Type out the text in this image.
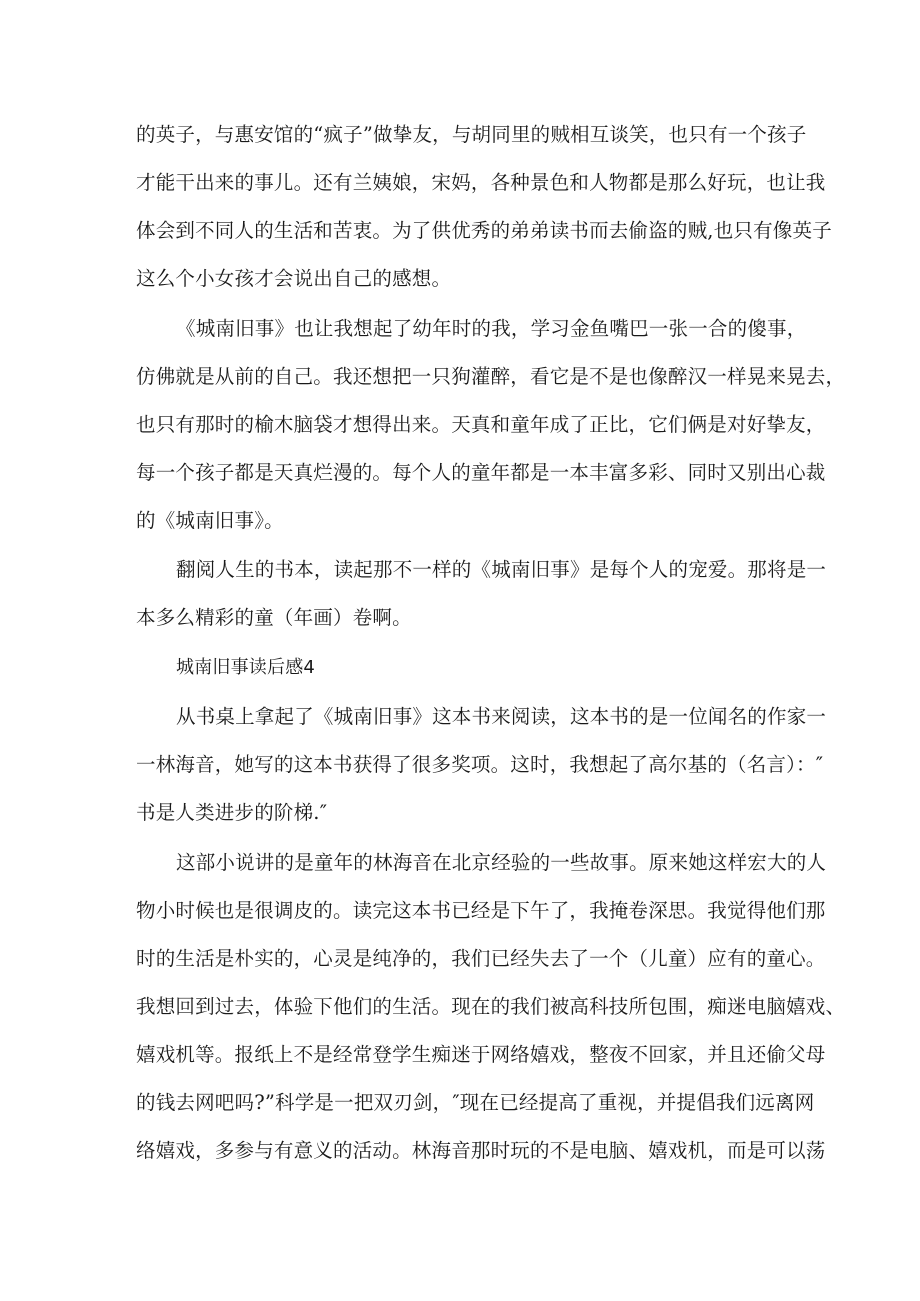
的英子，与惠安馆的“疯子”做挚友，与胡同里的贼相互谈笑，也只有一个孩子
才能干出来的事儿。还有兰姨娘，宋妈，各种景色和人物都是那么好玩，也让我
体会到不同人的生活和苦衷。为了供优秀的弟弟读书而去偷盗的贼,也只有像英子
这么个小女孩才会说出自己的感想。
《城南旧事》也让我想起了幼年时的我，学习金鱼嘴巴一张一合的傻事，
仿佛就是从前的自己。我还想把一只狗灌醉，看它是不是也像醉汉一样晃来晃去，
也只有那时的榆木脑袋才想得出来。天真和童年成了正比，它们俩是对好挚友，
每一个孩子都是天真烂漫的。每个人的童年都是一本丰富多彩、同时又别出心裁
的《城南旧事》。
翻阅人生的书本，读起那不一样的《城南旧事》是每个人的宠爱。那将是一
本多么精彩的童（年画）卷啊。
城南旧事读后感4
从书桌上拿起了《城南旧事》这本书来阅读，这本书的是一位闻名的作家一
一林海音，她写的这本书获得了很多奖项。这时，我想起了高尔基的（名言）：″
书是人类进步的阶梯.″
这部小说讲的是童年的林海音在北京经验的一些故事。原来她这样宏大的人
物小时候也是很调皮的。读完这本书已经是下午了，我掩卷深思。我觉得他们那
时的生活是朴实的，心灵是纯净的，我们已经失去了一个（儿童）应有的童心。
我想回到过去，体验下他们的生活。现在的我们被高科技所包围，痴迷电脑嬉戏、
嬉戏机等。报纸上不是经常登学生痴迷于网络嬉戏，整夜不回家，并且还偷父母
的钱去网吧吗?”科学是一把双刃剑，″现在已经提高了重视，并提倡我们远离网
络嬉戏，多参与有意义的活动。林海音那时玩的不是电脑、嬉戏机，而是可以荡
